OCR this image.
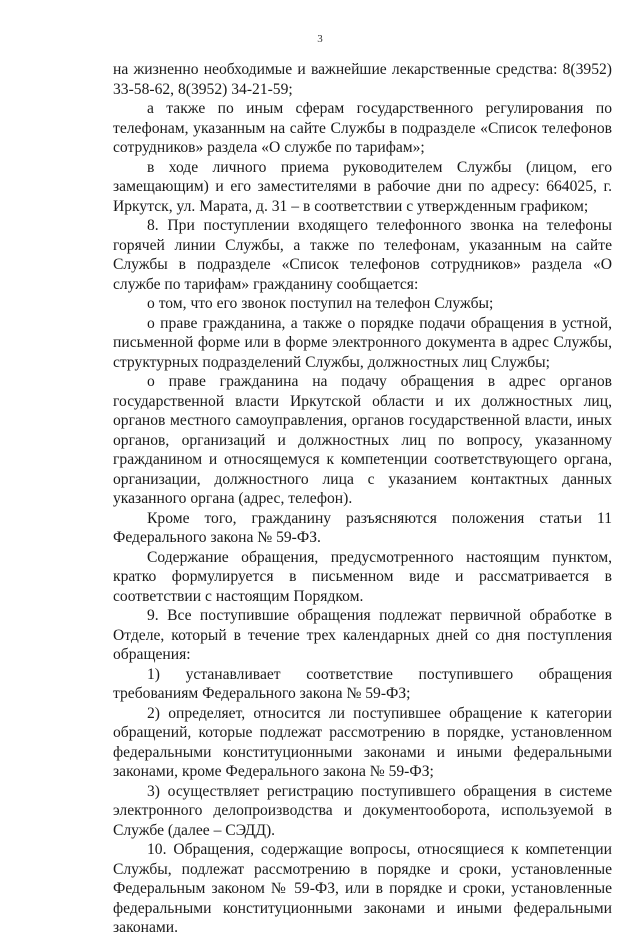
3

на жизненно необходимые и важнейшие лекарственные средства: 8(3952) 33-58-62, 8(3952) 34-21-59;

а также по иным сферам государственного регулирования по телефонам, указанным на сайте Службы в подразделе «Список телефонов сотрудников» раздела «О службе по тарифам»;

в ходе личного приема руководителем Службы (лицом, его замещающим) и его заместителями в рабочие дни по адресу: 664025, г. Иркутск, ул. Марата, д. 31 – в соответствии с утвержденным графиком;

8. При поступлении входящего телефонного звонка на телефоны горячей линии Службы, а также по телефонам, указанным на сайте Службы в подразделе «Список телефонов сотрудников» раздела «О службе по тарифам» гражданину сообщается:

о том, что его звонок поступил на телефон Службы;

о праве гражданина, а также о порядке подачи обращения в устной, письменной форме или в форме электронного документа в адрес Службы, структурных подразделений Службы, должностных лиц Службы;

о праве гражданина на подачу обращения в адрес органов государственной власти Иркутской области и их должностных лиц, органов местного самоуправления, органов государственной власти, иных органов, организаций и должностных лиц по вопросу, указанному гражданином и относящемуся к компетенции соответствующего органа, организации, должностного лица с указанием контактных данных указанного органа (адрес, телефон).

Кроме того, гражданину разъясняются положения статьи 11 Федерального закона № 59-ФЗ.

Содержание обращения, предусмотренного настоящим пунктом, кратко формулируется в письменном виде и рассматривается в соответствии с настоящим Порядком.

9. Все поступившие обращения подлежат первичной обработке в Отделе, который в течение трех календарных дней со дня поступления обращения:

1) устанавливает соответствие поступившего обращения требованиям Федерального закона № 59-ФЗ;

2) определяет, относится ли поступившее обращение к категории обращений, которые подлежат рассмотрению в порядке, установленном федеральными конституционными законами и иными федеральными законами, кроме Федерального закона № 59-ФЗ;

3) осуществляет регистрацию поступившего обращения в системе электронного делопроизводства и документооборота, используемой в Службе (далее – СЭДД).

10. Обращения, содержащие вопросы, относящиеся к компетенции Службы, подлежат рассмотрению в порядке и сроки, установленные Федеральным законом № 59-ФЗ, или в порядке и сроки, установленные федеральными конституционными законами и иными федеральными законами.
